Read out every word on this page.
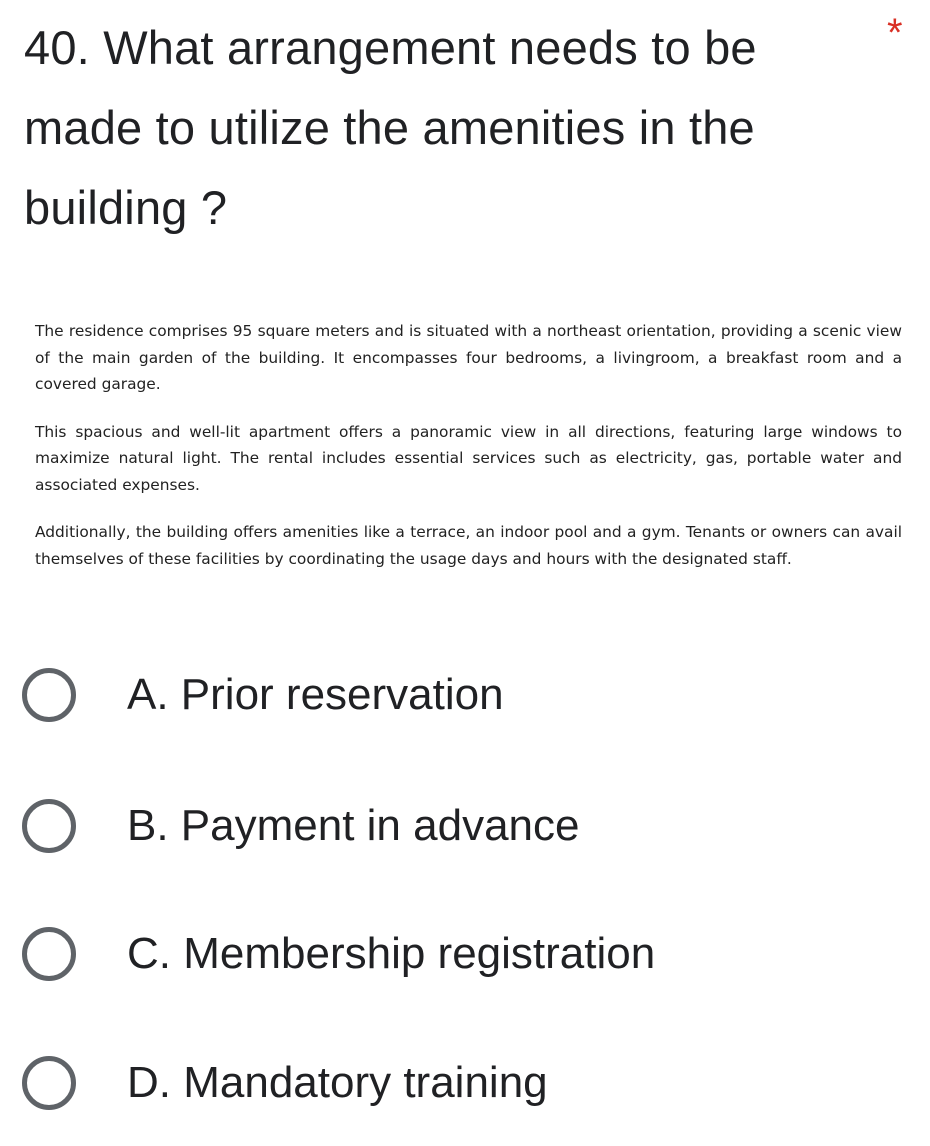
40. What arrangement needs to be made to utilize the amenities in the building ?
*

The residence comprises 95 square meters and is situated with a northeast orientation, providing a scenic view of the main garden of the building. It encompasses four bedrooms, a livingroom, a breakfast room and a covered garage.

This spacious and well-lit apartment offers a panoramic view in all directions, featuring large windows to maximize natural light. The rental includes essential services such as electricity, gas, portable water and associated expenses.

Additionally, the building offers amenities like a terrace, an indoor pool and a gym. Tenants or owners can avail themselves of these facilities by coordinating the usage days and hours with the designated staff.

A. Prior reservation
B. Payment in advance
C. Membership registration
D. Mandatory training
